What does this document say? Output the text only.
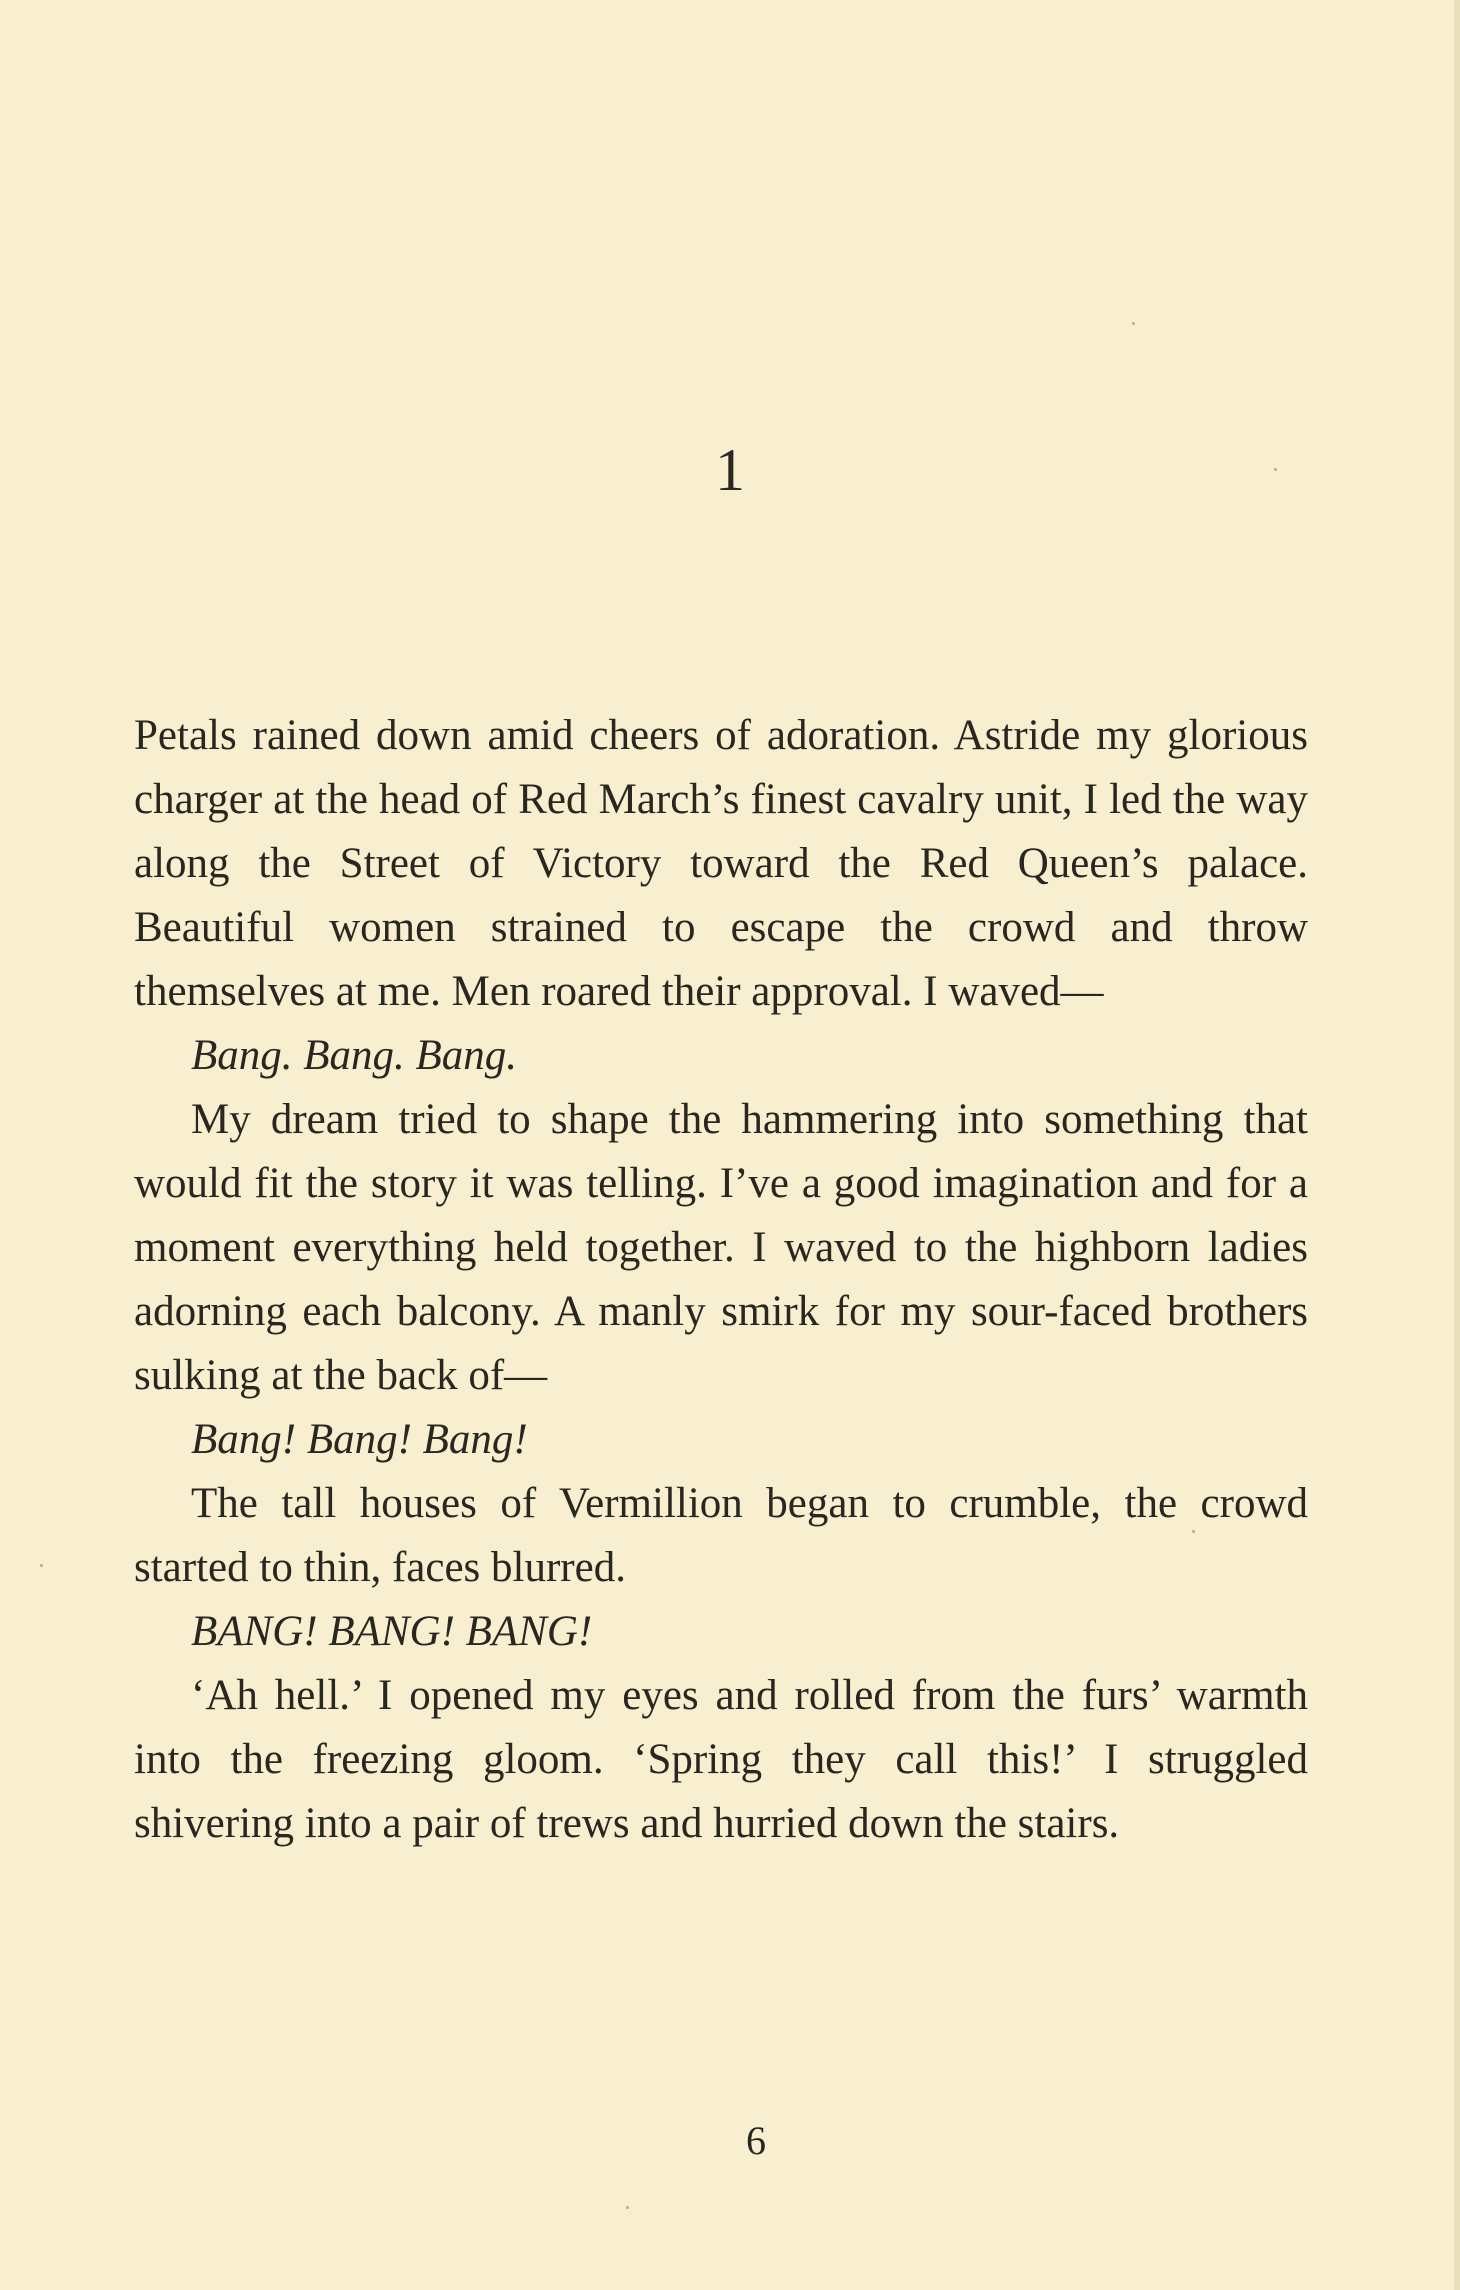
1

Petals rained down amid cheers of adoration. Astride my glorious charger at the head of Red March’s finest cavalry unit, I led the way along the Street of Victory toward the Red Queen’s palace. Beautiful women strained to escape the crowd and throw themselves at me. Men roared their approval. I waved—

Bang. Bang. Bang.

My dream tried to shape the hammering into something that would fit the story it was telling. I’ve a good imagination and for a moment everything held together. I waved to the highborn ladies adorning each balcony. A manly smirk for my sour-faced brothers sulking at the back of—

Bang! Bang! Bang!

The tall houses of Vermillion began to crumble, the crowd started to thin, faces blurred.

BANG! BANG! BANG!

‘Ah hell.’ I opened my eyes and rolled from the furs’ warmth into the freezing gloom. ‘Spring they call this!’ I struggled shivering into a pair of trews and hurried down the stairs.

6
